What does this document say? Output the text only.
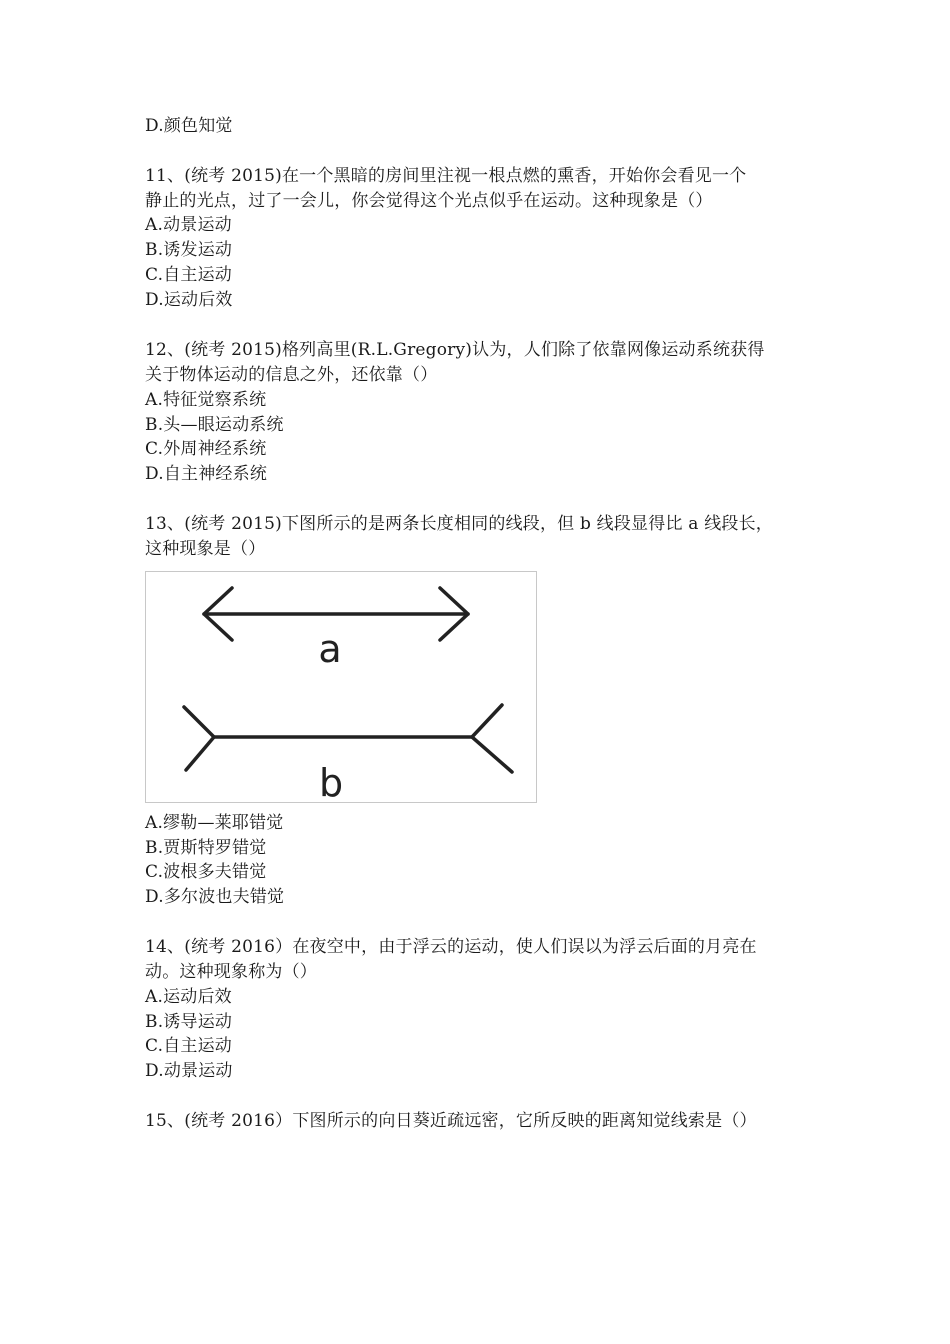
D.颜色知觉
11、(统考 2015)在一个黑暗的房间里注视一根点燃的熏香，开始你会看见一个
静止的光点，过了一会儿，你会觉得这个光点似乎在运动。这种现象是（）
A.动景运动
B.诱发运动
C.自主运动
D.运动后效
12、(统考 2015)格列高里(R.L.Gregory)认为，人们除了依靠网像运动系统获得
关于物体运动的信息之外，还依靠（）
A.特征觉察系统
B.头—眼运动系统
C.外周神经系统
D.自主神经系统
13、(统考 2015)下图所示的是两条长度相同的线段，但 b 线段显得比 a 线段长，
这种现象是（）
a
b
A.缪勒—莱耶错觉
B.贾斯特罗错觉
C.波根多夫错觉
D.多尔波也夫错觉
14、(统考 2016）在夜空中，由于浮云的运动，使人们误以为浮云后面的月亮在
动。这种现象称为（）
A.运动后效
B.诱导运动
C.自主运动
D.动景运动
15、(统考 2016）下图所示的向日葵近疏远密，它所反映的距离知觉线索是（）
